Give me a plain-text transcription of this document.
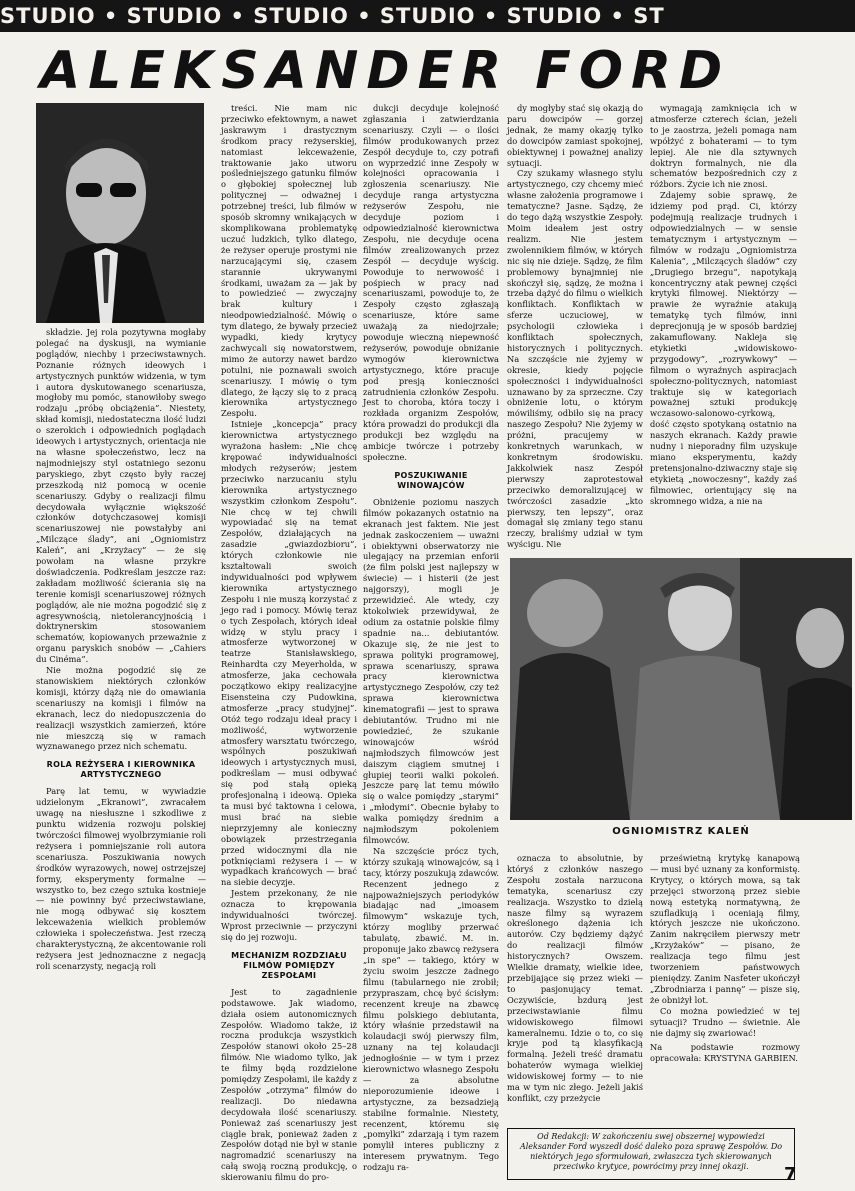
STUDIO • STUDIO • STUDIO • STUDIO • STUDIO • ST
ALEKSANDER FORD
OGNIOMISTRZ KALEŃ

składzie. Jej rola pozytywna mogłaby polegać na dyskusji, na wymianie poglądów, niechby i przeciwstawnych. Poznanie różnych ideowych i artystycznych punktów widzenia, w tym i autora dyskutowanego scenariusza, mogłoby mu pomóc, stanowiłoby swego rodzaju „próbę obciążenia”. Niestety, skład komisji, niedostateczna ilość ludzi o szerokich i odpowiednich poglądach ideowych i artystycznych, orientacja nie na własne społeczeństwo, lecz na najmodniejszy styl ostatniego sezonu paryskiego, zbyt często były raczej przeszkodą niż pomocą w ocenie scenariuszy. Gdyby o realizacji filmu decydowała wyłącznie większość członków dotychczasowej komisji scenariuszowej nie powstałyby ani „Milczące ślady”, ani „Ogniomistrz Kaleń”, ani „Krzyżacy” — że się powołam na własne przykre doświadczenia. Podkreślam jeszcze raz: zakładam możliwość ścierania się na terenie komisji scenariuszowej różnych poglądów, ale nie można pogodzić się z agresywnością, nietolerancyjnością i doktrynerskim stosowaniem schematów, kopiowanych przeważnie z organu paryskich snobów — „Cahiers du Cinéma”.

Nie można pogodzić się ze stanowiskiem niektórych członków komisji, którzy dążą nie do omawiania scenariuszy na komisji i filmów na ekranach, lecz do niedopuszczenia do realizacji wszystkich zamierzeń, które nie mieszczą się w ramach wyznawanego przez nich schematu.

ROLA REŻYSERA I KIEROWNIKA ARTYSTYCZNEGO

Parę lat temu, w wywiadzie udzielonym „Ekranowi”, zwracałem uwagę na niesłuszne i szkodliwe z punktu widzenia rozwoju polskiej twórczości filmowej wyolbrzymianie roli reżysera i pomniejszanie roli autora scenariusza. Poszukiwania nowych środków wyrazowych, nowej ostrzejszej formy, eksperymenty formalne — wszystko to, bez czego sztuka kostnieje — nie powinny być przeciwstawiane, nie mogą odbywać się kosztem lekceważenia wielkich problemów człowieka i społeczeństwa. Jest rzeczą charakterystyczną, że akcentowanie roli reżysera jest jednoznaczne z negacją roli scenarzysty, negacją roli

treści. Nie mam nic przeciwko efektownym, a nawet jaskrawym i drastycznym środkom pracy reżyserskiej, natomiast lekceważenie, traktowanie jako utworu pośledniejszego gatunku filmów o głębokiej społecznej lub politycznej — odważnej i potrzebnej treści, lub filmów w sposób skromny wnikających w skomplikowana problematykę uczuć ludzkich, tylko dlatego, że reżyser operuje prostymi nie narzucającymi się, czasem starannie ukrywanymi środkami, uważam za — jak by to powiedzieć — zwyczajny brak kultury i nieodpowiedzialność. Mówię o tym dlatego, że bywały przecież wypadki, kiedy krytycy zachwycali się nowatorstwem, mimo że autorzy nawet bardzo potulni, nie poznawali swoich scenariuszy. I mówię o tym dlatego, że łączy się to z pracą kierownika artystycznego Zespołu.

Istnieje „koncepcja” pracy kierownictwa artystycznego wyrażona hasłem: „Nie chcę krępować indywidualności młodych reżyserów; jestem przeciwko narzucaniu stylu kierownika artystycznego wszystkim członkom Zespołu”. Nie chcę w tej chwili wypowiadać się na temat Zespołów, działających na zasadzie „gwiazdozbioru”, których członkowie nie kształtowali swoich indywidualności pod wpływem kierownika artystycznego Zespołu i nie muszą korzystać z jego rad i pomocy. Mówię teraz o tych Zespołach, których ideał widzę w stylu pracy i atmosferze wytworzonej w teatrze Stanisławskiego, Reinhardta czy Meyerholda, w atmosferze, jaka cechowała początkowo ekipy realizacyjne Eisensteina czy Pudowkina, atmosferze „pracy studyjnej”. Otóż tego rodzaju ideał pracy i możliwość, wytworzenie atmosfery warsztatu twórczego, wspólnych poszukiwań ideowych i artystycznych musi, podkreślam — musi odbywać się pod stałą opieką profesjonalną i ideową. Opieka ta musi być taktowna i celowa, musi brać na siebie nieprzyjemny ale konieczny obowiązek przestrzegania przed widocznymi dla nie potknięciami reżysera i — w wypadkach krańcowych — brać na siebie decyzje.

Jestem przekonany, że nie oznacza to krępowania indywidualności twórczej. Wprost przeciwnie — przyczyni się do jej rozwoju.

MECHANIZM ROZDZIAŁU FILMÓW POMIĘDZY ZESPOŁAMI

Jest to zagadnienie podstawowe. Jak wiadomo, działa osiem autonomicznych Zespołów. Wiadomo także, iż roczna produkcja wszystkich Zespołów stanowi około 25–28 filmów. Nie wiadomo tylko, jak te filmy będą rozdzielone pomiędzy Zespołami, ile każdy z Zespołów „otrzyma” filmów do realizacji. Do niedawna decydowała ilość scenariuszy. Ponieważ zaś scenariuszy jest ciągle brak, ponieważ żaden z Zespołów dotąd nie był w stanie nagromadzić scenariuszy na całą swoją roczną produkcję, o skierowaniu filmu do pro-

dukcji decyduje kolejność zgłaszania i zatwierdzania scenariuszy. Czyli — o ilości filmów produkowanych przez Zespół decyduje to, czy potrafi on wyprzedzić inne Zespoły w kolejności opracowania i zgłoszenia scenariuszy. Nie decyduje ranga artystyczna reżyserów Zespołu, nie decyduje poziom i odpowiedzialność kierownictwa Zespołu, nie decyduje ocena filmów zrealizowanych przez Zespół — decyduje wyścig. Powoduje to nerwowość i pośpiech w pracy nad scenariuszami, powoduje to, że Zespoły często zgłaszają scenariusze, które same uważają za niedojrzałe; powoduje wieczną niepewność reżyserów, powoduje obniżanie wymogów kierownictwa artystycznego, które pracuje pod presją konieczności zatrudnienia członków Zespołu. Jest to choroba, która toczy i rozkłada organizm Zespołów, która prowadzi do produkcji dla produkcji bez względu na ambicje twórcze i potrzeby społeczne.

POSZUKIWANIE WINOWAJCÓW

Obniżenie poziomu naszych filmów pokazanych ostatnio na ekranach jest faktem. Nie jest jednak zaskoczeniem — uważni i obiektywni obserwatorzy nie ulegający na przemian enforii (że film polski jest najlepszy w świecie) — i histerii (że jest najgorszy), mogli je przewidzieć. Ale wtedy, czy ktokolwiek przewidywał, że odium za ostatnie polskie filmy spadnie na... debiutantów. Okazuje się, że nie jest to sprawa polityki programowej, sprawa scenariuszy, sprawa pracy kierownictwa artystycznego Zespołów, czy też sprawa kierownictwa kinematografii — jest to sprawa debiutantów. Trudno mi nie powiedzieć, że szukanie winowajców wśród najmłodszych filmowców jest daiszym ciągiem smutnej i głupiej teorii walki pokoleń. Jeszcze parę lat temu mówiło się o walce pomiędzy „starymi” i „młodymi”. Obecnie byłaby to walka pomiędzy średnim a najmłodszym pokoleniem filmowców.

Na szczęście prócz tych, którzy szukają winowajców, są i tacy, którzy poszukują zdawców. Recenzent jednego z najpoważniejszych periodyków biadając nad „imoasem filmowym” wskazuje tych, którzy mogliby przerwać tabulatę, zbawić. M. in. proponuje jako zbawcę reżysera „in spe” — takiego, który w życiu swoim jeszcze żadnego filmu (tabularnego nie zrobił; przypraszam, chcę być ścisłym: recenzent kreuje na zbawcę filmu polskiego debiutanta, który właśnie przedstawił na kolaudacji swój pierwszy film, uznany na tej kolaudacji jednogłośnie — w tym i przez kierownictwo własnego Zespołu — za absolutne nieporozumienie ideowe i artystyczne, za bezsadzieją stabilne formalnie. Niestety, recenzent, któremu się „pomylki” zdarzają i tym razem pomylił interes publiczny z interesem prywatnym. Tego rodzaju ra-

dy mogłyby stać się okazją do paru dowcipów — gorzej jednak, że mamy okazję tylko do dowcipów zamiast spokojnej, obiektywnej i poważnej analizy sytuacji.

Czy szukamy własnego stylu artystycznego, czy chcemy mieć własne założenia programowe i tematyczne? Jasne. Sądzę, że do tego dążą wszystkie Zespoły. Moim ideałem jest ostry realizm. Nie jestem zwolennikiem filmów, w których nic się nie dzieje. Sądzę, że film problemowy bynajmniej nie skończył się, sądzę, że można i trzeba dążyć do filmu o wielkich konfliktach. Konfliktach w sferze uczuciowej, w psychologii człowieka i konfliktach społecznych, historycznych i politycznych. Na szczęście nie żyjemy w okresie, kiedy pojęcie społeczności i indywidualności uznawano by za sprzeczne. Czy obniżenie lotu, o którym mówiliśmy, odbiło się na pracy naszego Zespołu? Nie żyjemy w próżni, pracujemy w konkretnych warunkach, w konkretnym środowisku. Jakkolwiek nasz Zespół pierwszy zaprotestował przeciwko demoralizującej w twórczości zasadzie „kto pierwszy, ten lepszy”, oraz domagał się zmiany tego stanu rzeczy, braliśmy udział w tym wyścigu. Nie

wymagają zamknięcia ich w atmosferze czterech ścian, jeżeli to je zaostrza, jeżeli pomaga nam wpółżyć z bohaterami — to tym lepiej. Ale nie dla sztywnych doktryn formalnych, nie dla schematów bezpośrednich czy z różbors. Życie ich nie znosi.

Zdajemy sobie sprawę, że idziemy pod prąd. Ci, którzy podejmują realizacje trudnych i odpowiedzialnych — w sensie tematycznym i artystycznym — filmów w rodzaju „Ogniomistrza Kalenia”, „Milczących śladów” czy „Drugiego brzegu”, napotykają koncentryczny atak pewnej części krytyki filmowej. Niektórzy — prawie że wyraźnie atakują tematykę tych filmów, inni deprecjonują je w sposób bardziej zakamuflowany. Nakleja się etykietki „widowiskowo-przygodowy”, „rozrywkowy” — filmom o wyraźnych aspiracjach społeczno-politycznych, natomiast traktuje się w kategoriach poważnej sztuki produkcję wczasowo-salonowo-cyrkową, dość często spotykaną ostatnio na naszych ekranach. Każdy prawie nudny i nieporadny film uzyskuje miano eksperymentu, każdy pretensjonalno-dziwaczny staje się etykietą „nowoczesny”, każdy zaś filmowiec, orientujący się na skromnego widza, a nie na

oznacza to absolutnie, by któryś z członków naszego Zespołu została narzucona tematyka, scenariusz czy realizacja. Wszystko to dzielą nasze filmy są wyrazem określonego dążenia ich autorów. Czy będziemy dążyć do realizacji filmów historycznych? Owszem. Wielkie dramaty, wielkie idee, przebijające się przez wieki — to pasjonujący temat. Oczywiście, bzdurą jest przeciwstawianie filmu widowiskowego filmowi kameralnemu. Idzie o to, co się kryje pod tą klasyfikacją formalną. Jeżeli treść dramatu bohaterów wymaga wielkiej widowiskowej formy — to nie ma w tym nic złego. Jeżeli jakiś konflikt, czy przeżycie

prześwietną krytykę kanapową — musi być uznany za konformistę. Krytycy, o których mowa, są tak przejęci stworzoną przez siebie nową estetyką normatywną, że szufladkują i oceniają filmy, których jeszcze nie ukończono. Zanim nakręciłem pierwszy metr „Krzyżaków” — pisano, że realizacja tego filmu jest tworzeniem państwowych pieniędzy. Zanim Nasfeter ukończył „Zbrodniarza i pannę” — pisze się, że obniżył lot.

Co można powiedzieć w tej sytuacji? Trudno — świetnie. Ale nie dajmy się zwariować!

Na podstawie rozmowy opracowała: KRYSTYNA GARBIEN.

Od Redakcji: W zakończeniu swej obszernej wypowiedzi Aleksander Ford wyszedł dość daleko poza sprawę Zespołów. Do niektórych jego sformułowań, zwłaszcza tych skierowanych przeciwko krytyce, powrócimy przy innej okazji.	7
